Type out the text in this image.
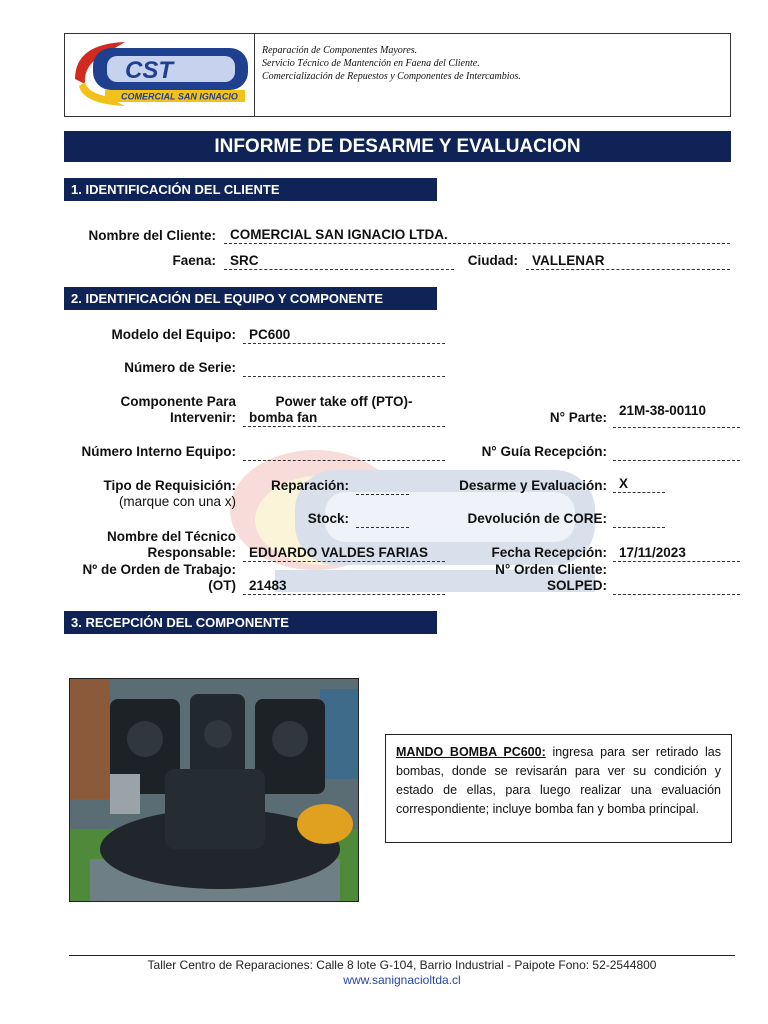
CST
COMERCIAL SAN IGNACIO
Reparación de Componentes Mayores.
Servicio Técnico de Mantención en Faena del Cliente.
Comercialización de Repuestos y Componentes de Intercambios.
INFORME DE DESARME Y EVALUACION
1. IDENTIFICACIÓN DEL CLIENTE
Nombre del Cliente:	COMERCIAL SAN IGNACIO LTDA.
Faena:	SRC	Ciudad:	VALLENAR
2. IDENTIFICACIÓN DEL EQUIPO Y COMPONENTE
Modelo del Equipo: PC600
Número de Serie:
Componente Para
Intervenir:
Power take off (PTO)-
bomba fan	N° Parte: 21M-38-00110
Número Interno Equipo:	N° Guía Recepción:
Tipo de Requisición:
(marque con una x)
Reparación:	Desarme y Evaluación: X
Stock:	Devolución de CORE:
Nombre del Técnico
Responsable: EDUARDO VALDES FARIAS	Fecha Recepción: 17/11/2023
Nº de Orden de Trabajo:
(OT) 21483
N° Orden Cliente:
SOLPED:
3. RECEPCIÓN DEL COMPONENTE
MANDO BOMBA PC600: ingresa para ser retirado las bombas, donde se revisarán para ver su condición y estado de ellas, para luego realizar una evaluación correspondiente; incluye bomba fan y bomba principal.
Taller Centro de Reparaciones: Calle 8 lote G-104, Barrio Industrial - Paipote Fono: 52-2544800
www.sanignacioltda.cl
